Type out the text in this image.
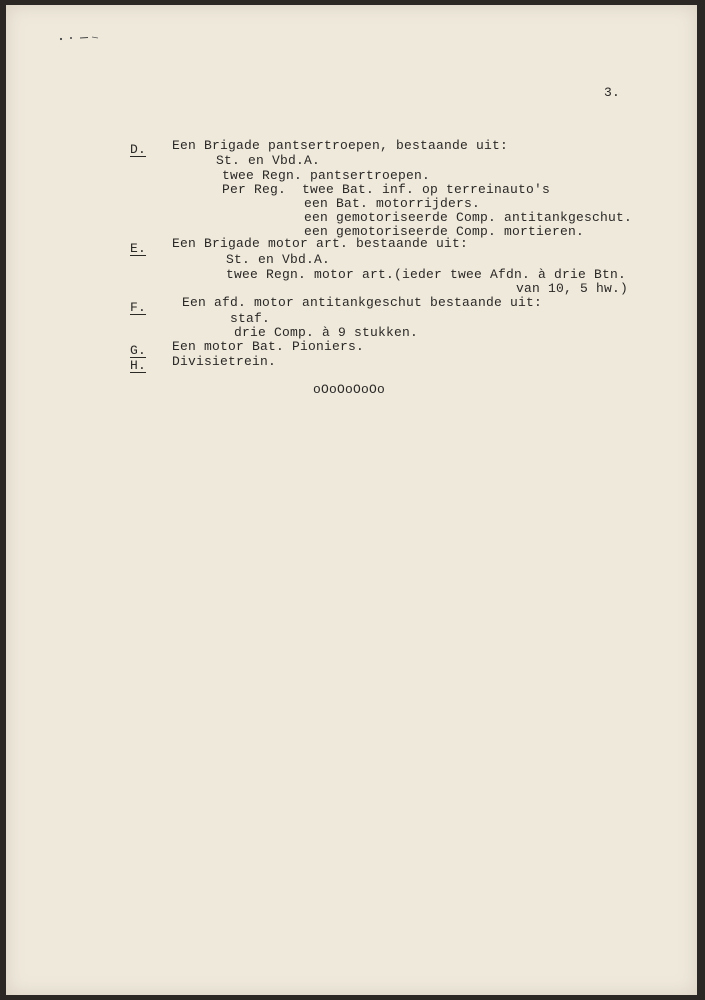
3.
D. Een Brigade pantsertroepen, bestaande uit:
St. en Vbd.A.
twee Regn. pantsertroepen.
Per Reg.  twee Bat. inf. op terreinauto's
een Bat. motorrijders.
een gemotoriseerde Comp. antitankgeschut.
een gemotoriseerde Comp. mortieren.
E. Een Brigade motor art. bestaande uit:
St. en Vbd.A.
twee Regn. motor art.(ieder twee Afdn. à drie Btn.
van 10, 5 hw.)
F.	Een afd. motor antitankgeschut bestaande uit:
staf.
drie Comp. à 9 stukken.
G. Een motor Bat. Pioniers.
H. Divisietrein.
oOoOoOoOo
